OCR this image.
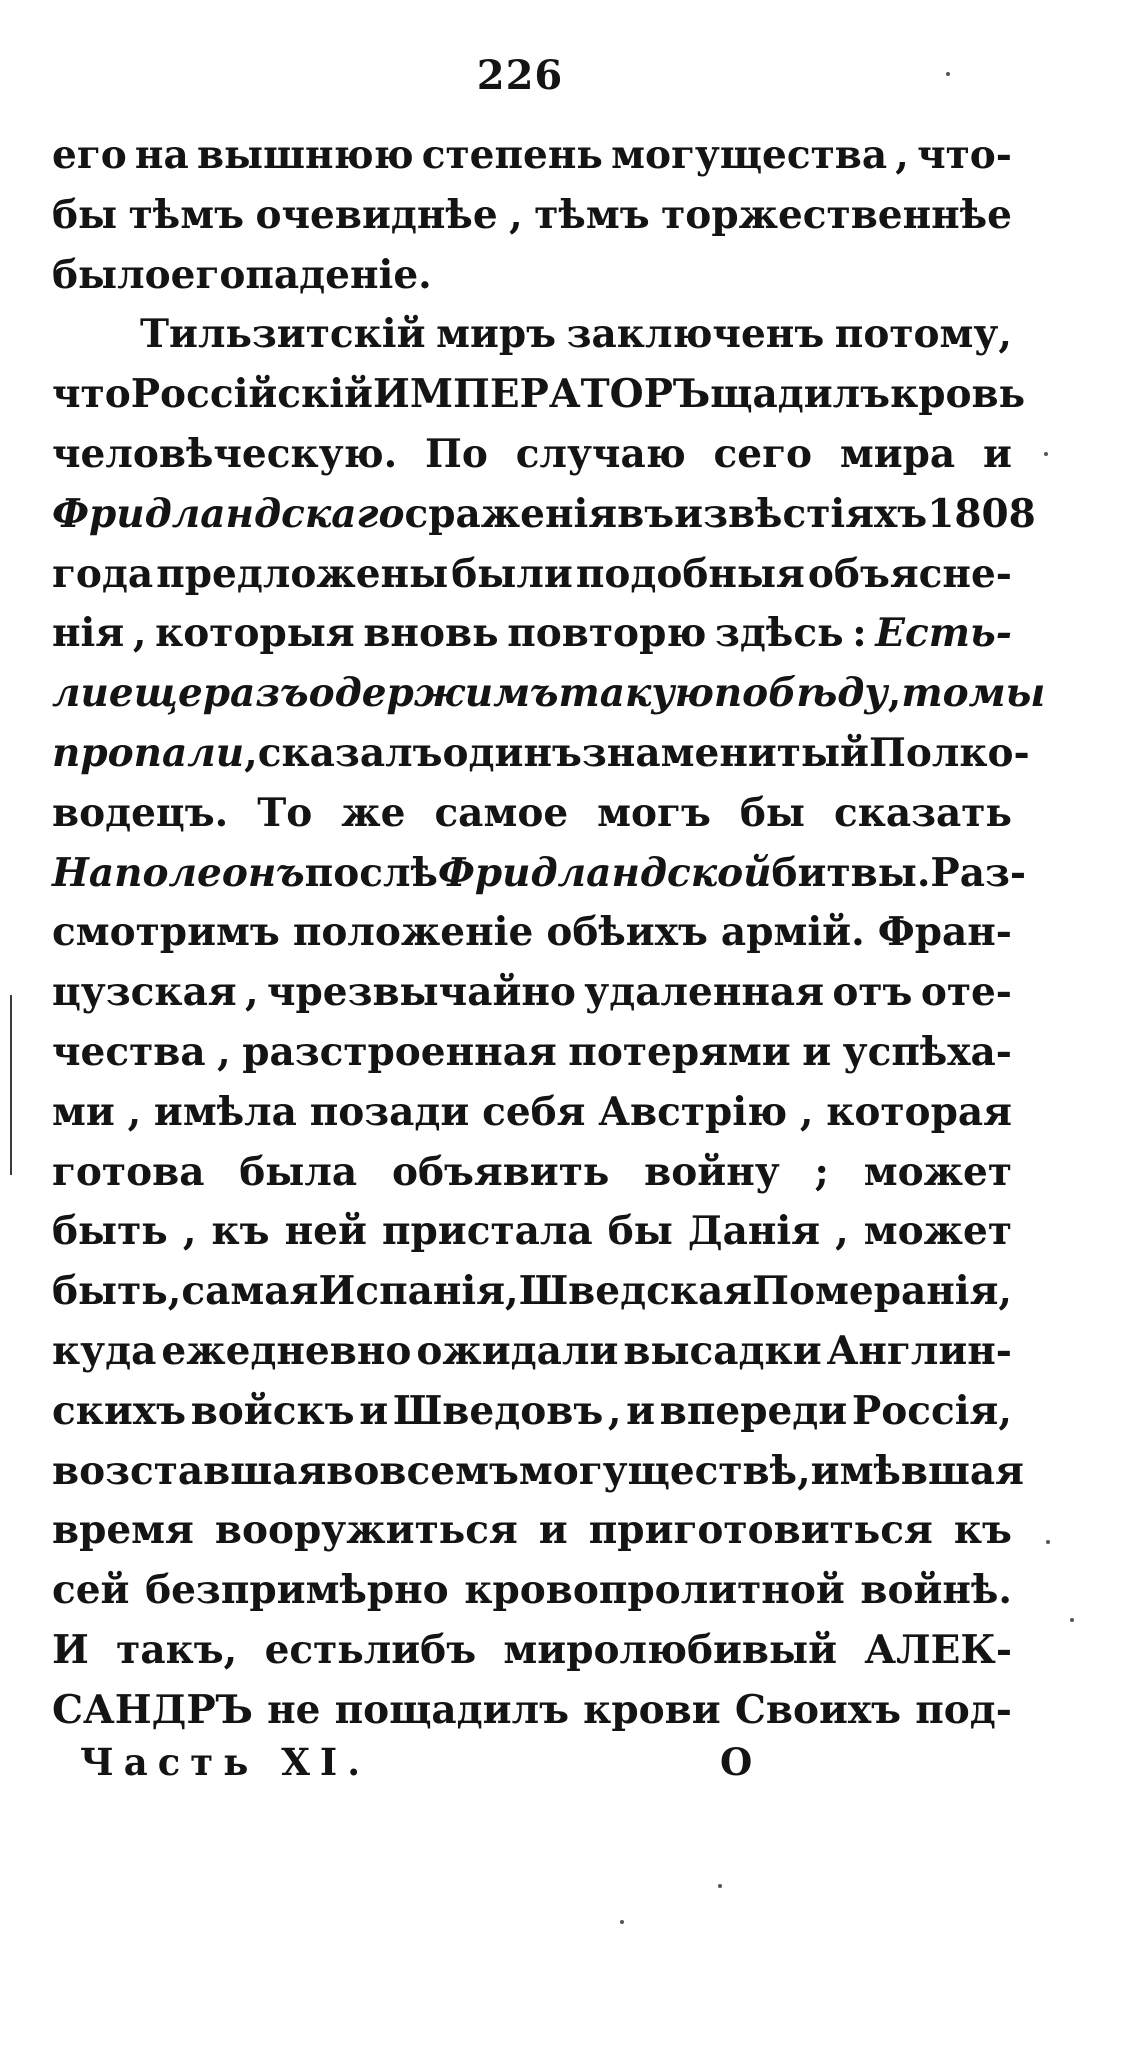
226
его на вышнюю степень могущества , что-
бы тѣмъ очевиднѣе , тѣмъ торжественнѣе
было его паденіе.
Тильзитскій миръ заключенъ потому,
что Россійскій ИМПЕРАТОРЪ щадилъ кровь
человѣческую. По случаю сего мира и
Фридландскаго сраженія въ извѣстіяхъ 1808
года предложены были подобныя объясне-
нія , которыя вновь повторю здѣсь : Есть-
ли еще разъ одержимъ такую побѣду , то мы
пропали , сказалъ одинъ знаменитый Полко-
водецъ. То же самое могъ бы сказать
Наполеонъ послѣ Фридландской битвы. Раз-
смотримъ положеніе обѣихъ армій. Фран-
цузская , чрезвычайно удаленная отъ оте-
чества , разстроенная потерями и успѣха-
ми , имѣла позади себя Австрію , которая
готова была объявить войну ; может
быть , къ ней пристала бы Данія , может
быть, самая Испанія, Шведская Померанія,
куда ежедневно ожидали высадки Англин-
скихъ войскъ и Шведовъ , и впереди Россія,
возставшая во всемъ могуществѣ , имѣвшая
время вооружиться и приготовиться къ
сей безпримѣрно кровопролитной войнѣ.
И такъ, естьлибъ миролюбивый АЛЕК-
САНДРЪ не пощадилъ крови Своихъ под-
Часть XI.	О
